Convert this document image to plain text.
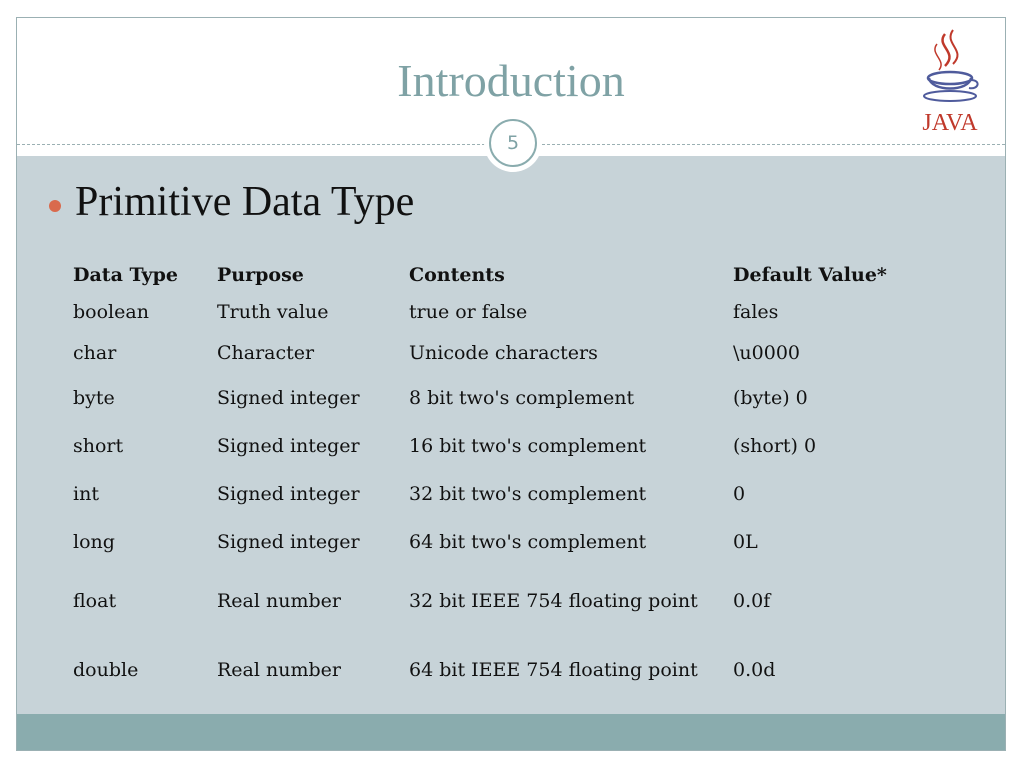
Introduction
JAVA
5
Primitive Data Type
Data Type	Purpose	Contents	Default Value*
boolean	Truth value	true or false	fales
char	Character	Unicode characters	\u0000
byte	Signed integer	8 bit two's complement	(byte) 0
short	Signed integer	16 bit two's complement	(short) 0
int	Signed integer	32 bit two's complement	0
long	Signed integer	64 bit two's complement	0L
float	Real number	32 bit IEEE 754 floating point	0.0f
double	Real number	64 bit IEEE 754 floating point	0.0d
